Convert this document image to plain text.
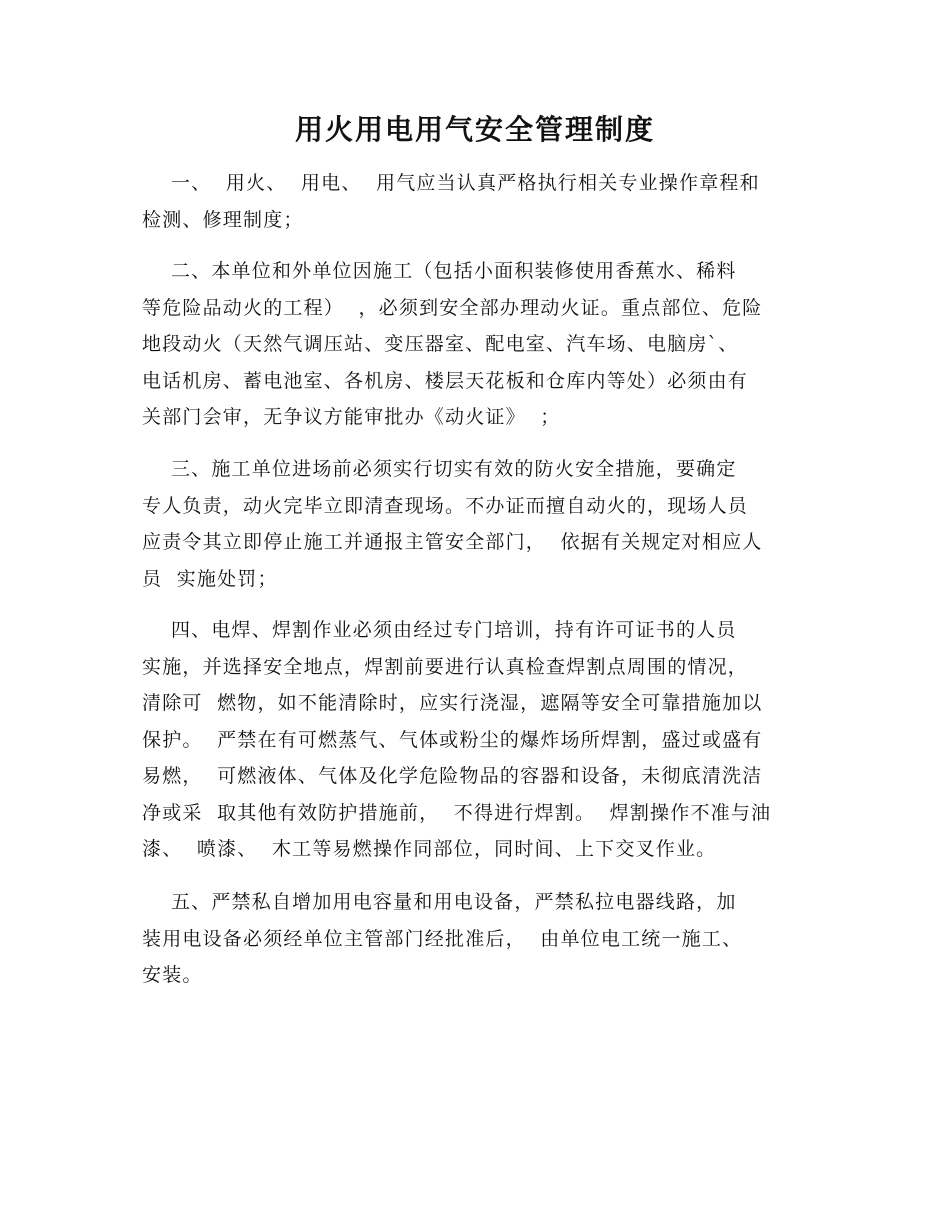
用火用电用气安全管理制度
一、  用火、  用电、  用气应当认真严格执行相关专业操作章程和
检测、修理制度；
二、本单位和外单位因施工（包括小面积装修使用香蕉水、稀料
等危险品动火的工程）  ，必须到安全部办理动火证。重点部位、危险
地段动火（天然气调压站、变压器室、配电室、汽车场、电脑房`、
电话机房、蓄电池室、各机房、楼层天花板和仓库内等处）必须由有
关部门会审，无争议方能审批办《动火证》  ；
三、施工单位进场前必须实行切实有效的防火安全措施，要确定
专人负责，动火完毕立即清查现场。不办证而擅自动火的，现场人员
应责令其立即停止施工并通报主管安全部门，  依据有关规定对相应人
员  实施处罚；
四、电焊、焊割作业必须由经过专门培训，持有许可证书的人员
实施，并选择安全地点，焊割前要进行认真检查焊割点周围的情况，
清除可  燃物，如不能清除时，应实行浇湿，遮隔等安全可靠措施加以
保护。  严禁在有可燃蒸气、气体或粉尘的爆炸场所焊割，盛过或盛有
易燃，  可燃液体、气体及化学危险物品的容器和设备，未彻底清洗洁
净或采  取其他有效防护措施前，  不得进行焊割。  焊割操作不准与油
漆、  喷漆、  木工等易燃操作同部位，同时间、上下交叉作业。
五、严禁私自增加用电容量和用电设备，严禁私拉电器线路，加
装用电设备必须经单位主管部门经批准后，  由单位电工统一施工、
安装。
